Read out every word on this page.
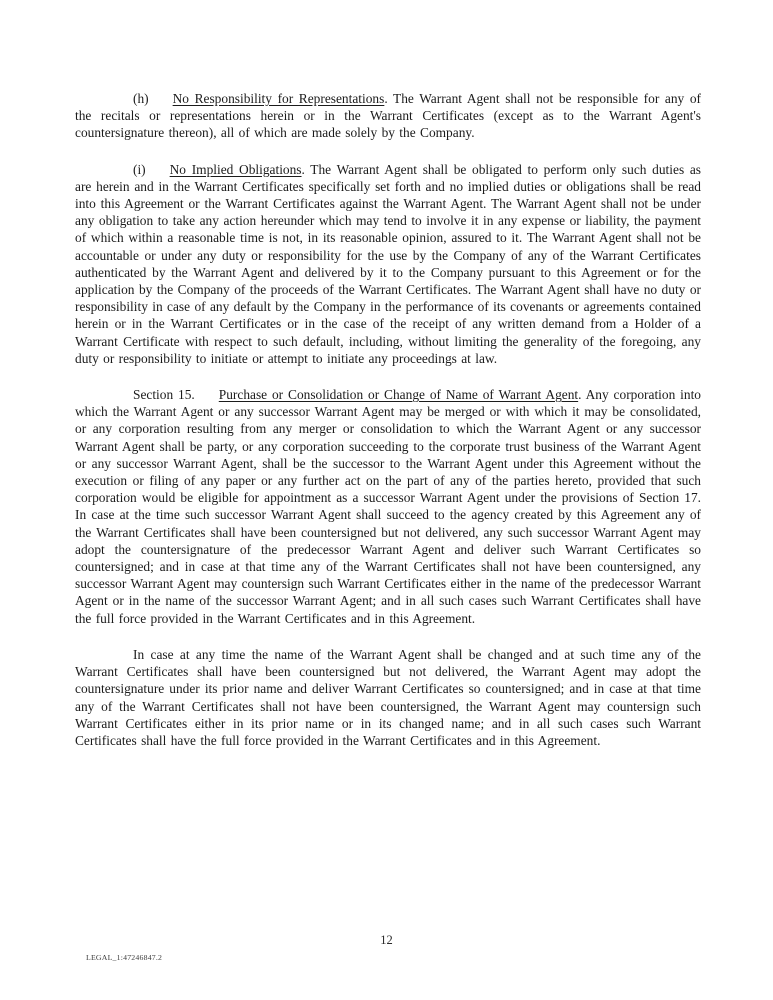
(h) No Responsibility for Representations. The Warrant Agent shall not be responsible for any of the recitals or representations herein or in the Warrant Certificates (except as to the Warrant Agent's countersignature thereon), all of which are made solely by the Company.

(i) No Implied Obligations. The Warrant Agent shall be obligated to perform only such duties as are herein and in the Warrant Certificates specifically set forth and no implied duties or obligations shall be read into this Agreement or the Warrant Certificates against the Warrant Agent. The Warrant Agent shall not be under any obligation to take any action hereunder which may tend to involve it in any expense or liability, the payment of which within a reasonable time is not, in its reasonable opinion, assured to it. The Warrant Agent shall not be accountable or under any duty or responsibility for the use by the Company of any of the Warrant Certificates authenticated by the Warrant Agent and delivered by it to the Company pursuant to this Agreement or for the application by the Company of the proceeds of the Warrant Certificates. The Warrant Agent shall have no duty or responsibility in case of any default by the Company in the performance of its covenants or agreements contained herein or in the Warrant Certificates or in the case of the receipt of any written demand from a Holder of a Warrant Certificate with respect to such default, including, without limiting the generality of the foregoing, any duty or responsibility to initiate or attempt to initiate any proceedings at law.

Section 15. Purchase or Consolidation or Change of Name of Warrant Agent. Any corporation into which the Warrant Agent or any successor Warrant Agent may be merged or with which it may be consolidated, or any corporation resulting from any merger or consolidation to which the Warrant Agent or any successor Warrant Agent shall be party, or any corporation succeeding to the corporate trust business of the Warrant Agent or any successor Warrant Agent, shall be the successor to the Warrant Agent under this Agreement without the execution or filing of any paper or any further act on the part of any of the parties hereto, provided that such corporation would be eligible for appointment as a successor Warrant Agent under the provisions of Section 17. In case at the time such successor Warrant Agent shall succeed to the agency created by this Agreement any of the Warrant Certificates shall have been countersigned but not delivered, any such successor Warrant Agent may adopt the countersignature of the predecessor Warrant Agent and deliver such Warrant Certificates so countersigned; and in case at that time any of the Warrant Certificates shall not have been countersigned, any successor Warrant Agent may countersign such Warrant Certificates either in the name of the predecessor Warrant Agent or in the name of the successor Warrant Agent; and in all such cases such Warrant Certificates shall have the full force provided in the Warrant Certificates and in this Agreement.

In case at any time the name of the Warrant Agent shall be changed and at such time any of the Warrant Certificates shall have been countersigned but not delivered, the Warrant Agent may adopt the countersignature under its prior name and deliver Warrant Certificates so countersigned; and in case at that time any of the Warrant Certificates shall not have been countersigned, the Warrant Agent may countersign such Warrant Certificates either in its prior name or in its changed name; and in all such cases such Warrant Certificates shall have the full force provided in the Warrant Certificates and in this Agreement.

12
LEGAL_1:47246847.2
